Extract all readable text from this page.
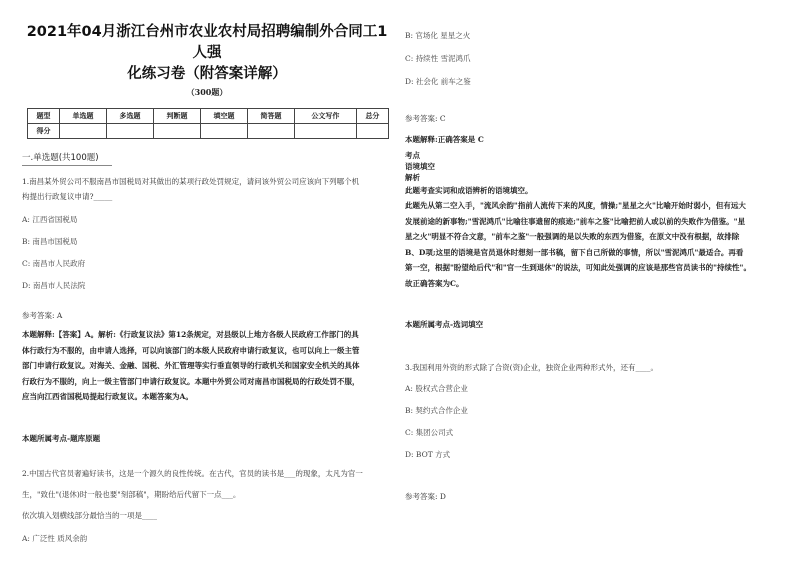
2021年04月浙江台州市农业农村局招聘编制外合同工1人强
化练习卷（附答案详解）
（300题）
题型	单选题	多选题	判断题	填空题	简答题	公文写作	总分
得分							
一.单选题(共100题)
1.南昌某外贸公司不服南昌市国税局对其做出的某项行政处罚规定，请问该外贸公司应该向下列哪个机
构提出行政复议申请?_____
A: 江西省国税局
B: 南昌市国税局
C: 南昌市人民政府
D: 南昌市人民法院
参考答案: A
本题解释:【答案】A。解析:《行政复议法》第12条规定，对县级以上地方各级人民政府工作部门的具
体行政行为不服的，由申请人选择，可以向该部门的本级人民政府申请行政复议，也可以向上一级主管
部门申请行政复议。对海关、金融、国税、外汇管理等实行垂直领导的行政机关和国家安全机关的具体
行政行为不服的，向上一级主管部门申请行政复议。本题中外贸公司对南昌市国税局的行政处罚不服，
应当向江西省国税局提起行政复议。本题答案为A。
本题所属考点-题库原题
2.中国古代官员奢遍好读书，这是一个源久的良性传统。在古代，官员的读书是___的现象，太凡为官一
生，"致仕"(退休)时一般也要"刻部稿"，期盼给后代留下一点___。
依次填入划横线部分最恰当的一项是____
A: 广泛性 质风余韵
B: 官场化 星星之火
C: 持续性 雪泥鸿爪
D: 社会化 前车之鉴
参考答案: C
本题解释:正确答案是 C
考点
语境填空
解析
此题考查实词和成语辨析的语境填空。
此题先从第二空入手，"流风余韵"指前人流传下来的风度，情操;"星星之火"比喻开始时弱小，但有远大
发展前途的新事物;"雪泥鸿爪"比喻往事遗留的痕迹;"前车之鉴"比喻把前人或以前的失败作为借鉴。"星
星之火"明显不符合文意，"前车之鉴"一般强调的是以失败的东西为借鉴，在原文中没有根据，故排除
B、D项;这里的语境是官员退休时想刻一部书稿，留下自己所做的事情，所以"雪泥鸿爪"最适合。再看
第一空，根据"盼望给后代"和"官一生到退休"的说法，可知此处强调的应该是那些官员读书的"持续性"。
故正确答案为C。
本题所属考点-选词填空
3.我国利用外资的形式除了合资(资)企业，独资企业两种形式外，还有____。
A: 股权式合营企业
B: 契约式合作企业
C: 集团公司式
D: BOT 方式
参考答案: D
